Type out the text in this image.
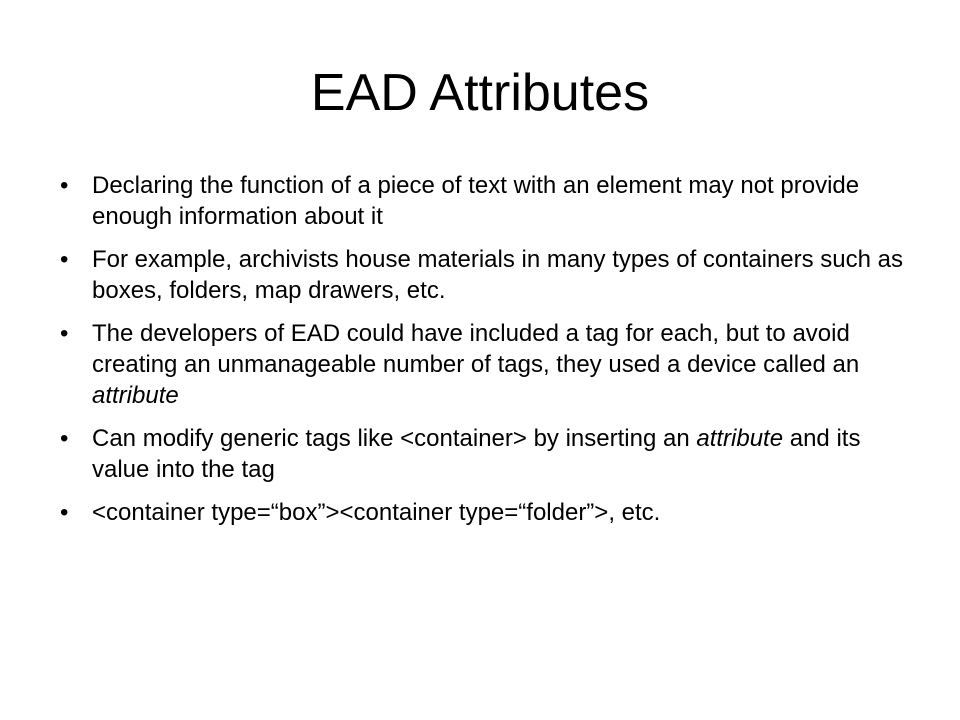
EAD Attributes
• Declaring the function of a piece of text with an element may not provide enough information about it
• For example, archivists house materials in many types of containers such as boxes, folders, map drawers, etc.
• The developers of EAD could have included a tag for each, but to avoid creating an unmanageable number of tags, they used a device called an attribute
• Can modify generic tags like <container> by inserting an attribute and its value into the tag
• <container type=“box”><container type=“folder”>, etc.
